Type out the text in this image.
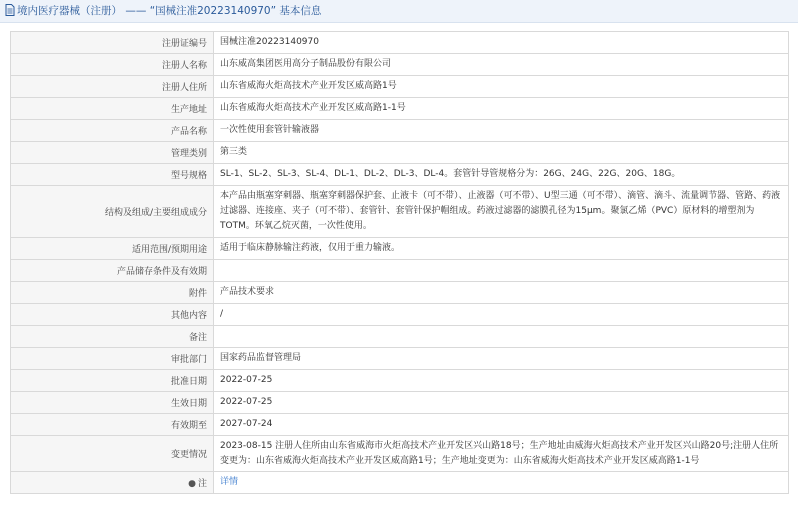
境内医疗器械（注册） —— “国械注准20223140970” 基本信息
注册证编号	国械注准20223140970
注册人名称	山东威高集团医用高分子制品股份有限公司
注册人住所	山东省威海火炬高技术产业开发区威高路1号
生产地址	山东省威海火炬高技术产业开发区威高路1-1号
产品名称	一次性使用套管针输液器
管理类别	第三类
型号规格	SL-1、SL-2、SL-3、SL-4、DL-1、DL-2、DL-3、DL-4。套管针导管规格分为：26G、24G、22G、20G、18G。
结构及组成/主要组成成分	本产品由瓶塞穿刺器、瓶塞穿刺器保护套、止液卡（可不带）、止液器（可不带）、U型三通（可不带）、滴管、滴斗、流量调节器、管路、药液过滤器、连接座、夹子（可不带）、套管针、套管针保护帽组成。药液过滤器的滤膜孔径为15μm。聚氯乙烯（PVC）原材料的增塑剂为TOTM。环氧乙烷灭菌，一次性使用。
适用范围/预期用途	适用于临床静脉输注药液，仅用于重力输液。
产品储存条件及有效期	
附件	产品技术要求
其他内容	/
备注	
审批部门	国家药品监督管理局
批准日期	2022-07-25
生效日期	2022-07-25
有效期至	2027-07-24
变更情况	2023-08-15 注册人住所由山东省威海市火炬高技术产业开发区兴山路18号；生产地址由威海火炬高技术产业开发区兴山路20号;注册人住所变更为：山东省威海火炬高技术产业开发区威高路1号；生产地址变更为：山东省威海火炬高技术产业开发区威高路1-1号
● 注	详情
